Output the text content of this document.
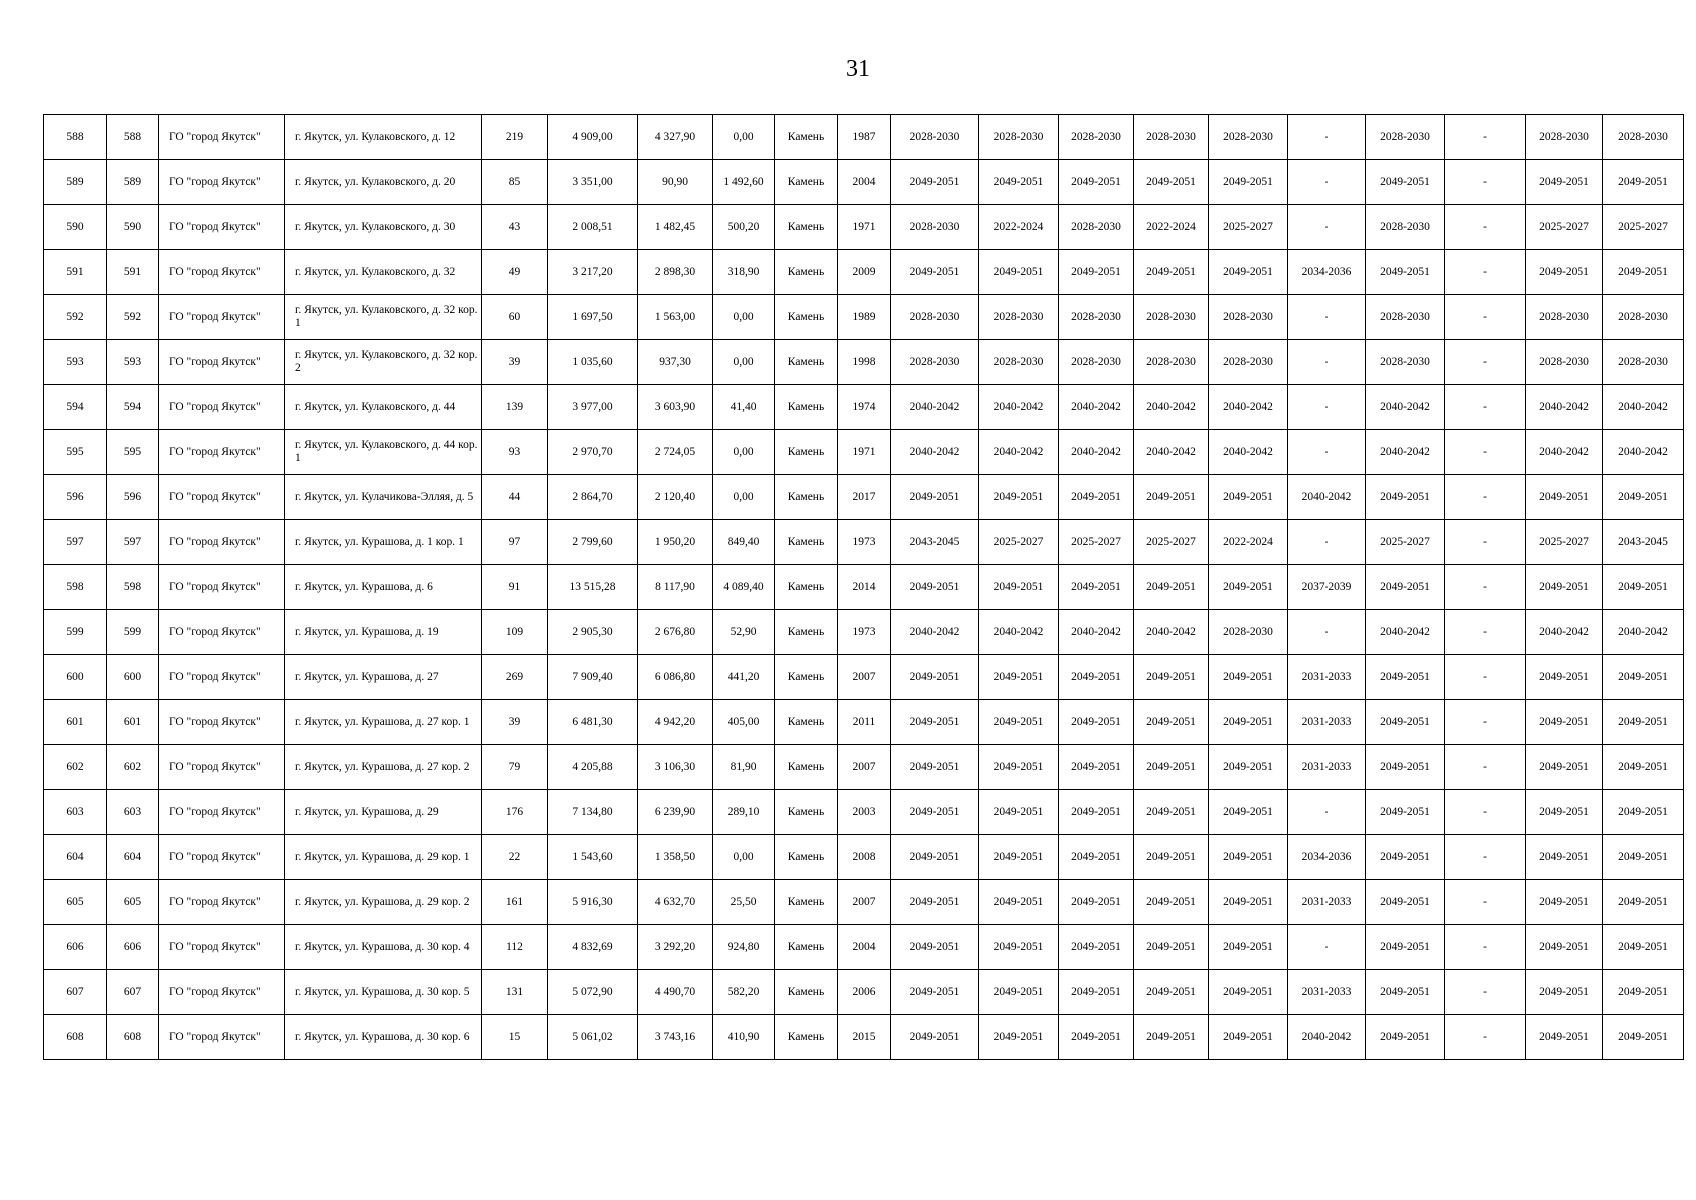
31
588	588	ГО "город Якутск"	г. Якутск, ул. Кулаковского, д. 12	219	4 909,00	4 327,90	0,00	Камень	1987	2028-2030	2028-2030	2028-2030	2028-2030	2028-2030	-	2028-2030	-	2028-2030	2028-2030
589	589	ГО "город Якутск"	г. Якутск, ул. Кулаковского, д. 20	85	3 351,00	90,90	1 492,60	Камень	2004	2049-2051	2049-2051	2049-2051	2049-2051	2049-2051	-	2049-2051	-	2049-2051	2049-2051
590	590	ГО "город Якутск"	г. Якутск, ул. Кулаковского, д. 30	43	2 008,51	1 482,45	500,20	Камень	1971	2028-2030	2022-2024	2028-2030	2022-2024	2025-2027	-	2028-2030	-	2025-2027	2025-2027
591	591	ГО "город Якутск"	г. Якутск, ул. Кулаковского, д. 32	49	3 217,20	2 898,30	318,90	Камень	2009	2049-2051	2049-2051	2049-2051	2049-2051	2049-2051	2034-2036	2049-2051	-	2049-2051	2049-2051
592	592	ГО "город Якутск"	г. Якутск, ул. Кулаковского, д. 32 кор. 1	60	1 697,50	1 563,00	0,00	Камень	1989	2028-2030	2028-2030	2028-2030	2028-2030	2028-2030	-	2028-2030	-	2028-2030	2028-2030
593	593	ГО "город Якутск"	г. Якутск, ул. Кулаковского, д. 32 кор. 2	39	1 035,60	937,30	0,00	Камень	1998	2028-2030	2028-2030	2028-2030	2028-2030	2028-2030	-	2028-2030	-	2028-2030	2028-2030
594	594	ГО "город Якутск"	г. Якутск, ул. Кулаковского, д. 44	139	3 977,00	3 603,90	41,40	Камень	1974	2040-2042	2040-2042	2040-2042	2040-2042	2040-2042	-	2040-2042	-	2040-2042	2040-2042
595	595	ГО "город Якутск"	г. Якутск, ул. Кулаковского, д. 44 кор. 1	93	2 970,70	2 724,05	0,00	Камень	1971	2040-2042	2040-2042	2040-2042	2040-2042	2040-2042	-	2040-2042	-	2040-2042	2040-2042
596	596	ГО "город Якутск"	г. Якутск, ул. Кулачикова-Элляя, д. 5	44	2 864,70	2 120,40	0,00	Камень	2017	2049-2051	2049-2051	2049-2051	2049-2051	2049-2051	2040-2042	2049-2051	-	2049-2051	2049-2051
597	597	ГО "город Якутск"	г. Якутск, ул. Курашова, д. 1 кор. 1	97	2 799,60	1 950,20	849,40	Камень	1973	2043-2045	2025-2027	2025-2027	2025-2027	2022-2024	-	2025-2027	-	2025-2027	2043-2045
598	598	ГО "город Якутск"	г. Якутск, ул. Курашова, д. 6	91	13 515,28	8 117,90	4 089,40	Камень	2014	2049-2051	2049-2051	2049-2051	2049-2051	2049-2051	2037-2039	2049-2051	-	2049-2051	2049-2051
599	599	ГО "город Якутск"	г. Якутск, ул. Курашова, д. 19	109	2 905,30	2 676,80	52,90	Камень	1973	2040-2042	2040-2042	2040-2042	2040-2042	2028-2030	-	2040-2042	-	2040-2042	2040-2042
600	600	ГО "город Якутск"	г. Якутск, ул. Курашова, д. 27	269	7 909,40	6 086,80	441,20	Камень	2007	2049-2051	2049-2051	2049-2051	2049-2051	2049-2051	2031-2033	2049-2051	-	2049-2051	2049-2051
601	601	ГО "город Якутск"	г. Якутск, ул. Курашова, д. 27 кор. 1	39	6 481,30	4 942,20	405,00	Камень	2011	2049-2051	2049-2051	2049-2051	2049-2051	2049-2051	2031-2033	2049-2051	-	2049-2051	2049-2051
602	602	ГО "город Якутск"	г. Якутск, ул. Курашова, д. 27 кор. 2	79	4 205,88	3 106,30	81,90	Камень	2007	2049-2051	2049-2051	2049-2051	2049-2051	2049-2051	2031-2033	2049-2051	-	2049-2051	2049-2051
603	603	ГО "город Якутск"	г. Якутск, ул. Курашова, д. 29	176	7 134,80	6 239,90	289,10	Камень	2003	2049-2051	2049-2051	2049-2051	2049-2051	2049-2051	-	2049-2051	-	2049-2051	2049-2051
604	604	ГО "город Якутск"	г. Якутск, ул. Курашова, д. 29 кор. 1	22	1 543,60	1 358,50	0,00	Камень	2008	2049-2051	2049-2051	2049-2051	2049-2051	2049-2051	2034-2036	2049-2051	-	2049-2051	2049-2051
605	605	ГО "город Якутск"	г. Якутск, ул. Курашова, д. 29 кор. 2	161	5 916,30	4 632,70	25,50	Камень	2007	2049-2051	2049-2051	2049-2051	2049-2051	2049-2051	2031-2033	2049-2051	-	2049-2051	2049-2051
606	606	ГО "город Якутск"	г. Якутск, ул. Курашова, д. 30 кор. 4	112	4 832,69	3 292,20	924,80	Камень	2004	2049-2051	2049-2051	2049-2051	2049-2051	2049-2051	-	2049-2051	-	2049-2051	2049-2051
607	607	ГО "город Якутск"	г. Якутск, ул. Курашова, д. 30 кор. 5	131	5 072,90	4 490,70	582,20	Камень	2006	2049-2051	2049-2051	2049-2051	2049-2051	2049-2051	2031-2033	2049-2051	-	2049-2051	2049-2051
608	608	ГО "город Якутск"	г. Якутск, ул. Курашова, д. 30 кор. 6	15	5 061,02	3 743,16	410,90	Камень	2015	2049-2051	2049-2051	2049-2051	2049-2051	2049-2051	2040-2042	2049-2051	-	2049-2051	2049-2051
